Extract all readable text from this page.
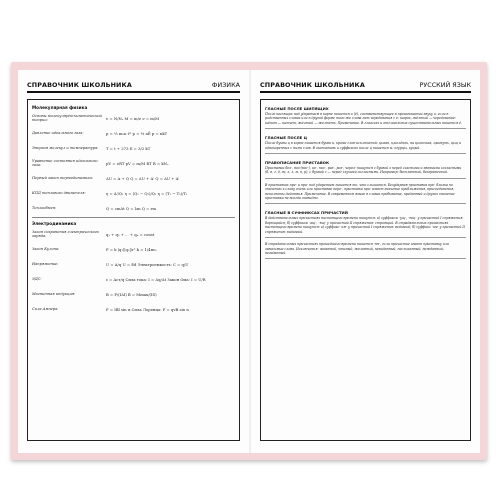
СПРАВОЧНИК ШКОЛЬНИКА	ФИЗИКА
Молекулярная физика
Основы молекулярно-кинетической теории:	ν = N/Nₐ M = m/ν ν = m/M
Давление идеального газа:	p = ⅓ m₀n v̄² p = ⅔ nĒ p = nkT
Энергия молекул и температура:	T = t + 273 E = 3/2 kT
Уравнение состояния идеального газа:	pV = νRT pV = m/M RT R = kNₐ
Первый закон термодинамики:	ΔU = A + Q Q = ΔU + A' Q = ΔU + A'
КПД теплового двигателя:	η = A'/Q₁ η = (Q₁ − Q₂)/Q₁ η = (T₁ − T₂)/T₁
Теплообмен:	Q = cmΔt Q = λm Q = rm
Электродинамика
Закон сохранения электрического заряда:	q₁ + q₂ + ... + qₙ = const
Закон Кулона:	F = k |q₁||q₂|/r² k = 1/4πε₀
Напряжение:	U = A/q U = Ed Электроемкость: C = q/U
ЭДС:	ε = Aст/q Сила тока: I = Δq/Δt Закон Ома: I = U/R
Магнитная индукция:	B = F/(IΔl) B = Mmax/(IS)
Сила Ампера:	F = IBl sin α Сила Лоренца: F = qvB sin α
СПРАВОЧНИК ШКОЛЬНИКА	РУССКИЙ ЯЗЫК
ГЛАСНЫЕ ПОСЛЕ ШИПЯЩИХ
После шипящих под ударением в корне пишется о (ё), соответствующее в произношении звуку о, если в родственных словах или в другой форме того же слова нет чередования с е: шорох, жёлтый — чередование: шёпот — шепчет, жёлтый — желтеть. Примечание. В глаголах и отглагольных существительных пишется ё.
ГЛАСНЫЕ ПОСЛЕ Ц
После буквы ц в корне пишется буква и, кроме слов-исключений: цыган, цыплёнок, на цыпочках, цыкнуть, цыц и однокоренных с ними слов. В окончаниях и суффиксах после ц пишется ы: огурцы, куцый.
ПРАВОПИСАНИЕ ПРИСТАВОК
Приставки без-, воз-(вос-), из-, низ-, раз-, роз-, через- пишутся с буквой з перед гласными и звонкими согласными (б, в, г, д, ж, з, л, м, н, р), с буквой с — перед глухими согласными. Например: бесплатный, безграничный.
В приставках пре- и при- под ударением пишется то, что слышится. Безударная приставка пре- близка по значению к слову очень или приставке пере-, приставка при- имеет значение приближения, присоединения, неполноты действия. Примечание. В современном языке в словах пребывание, преданный и других значение приставки не всегда очевидно.
ГЛАСНЫЕ В СУФФИКСАХ ПРИЧАСТИЙ
В действительных причастиях настоящего времени пишутся: а) суффиксы -ущ-, -ющ- у причастий I спряжения: борющийся; б) суффиксы -ащ-, -ящ- у причастий II спряжения: строящий. В страдательных причастиях настоящего времени пишутся: а) суффикс -ем- у причастий I спряжения: ведомый; б) суффикс -им- у причастий II спряжения: видимый.
В страдательных причастиях прошедшего времени пишется -нн-, если причастие имеет приставку или зависимые слова. Исключения: чеканный, чтимый, желанный, невиданный, неслыханный, нежданный, негаданный.
